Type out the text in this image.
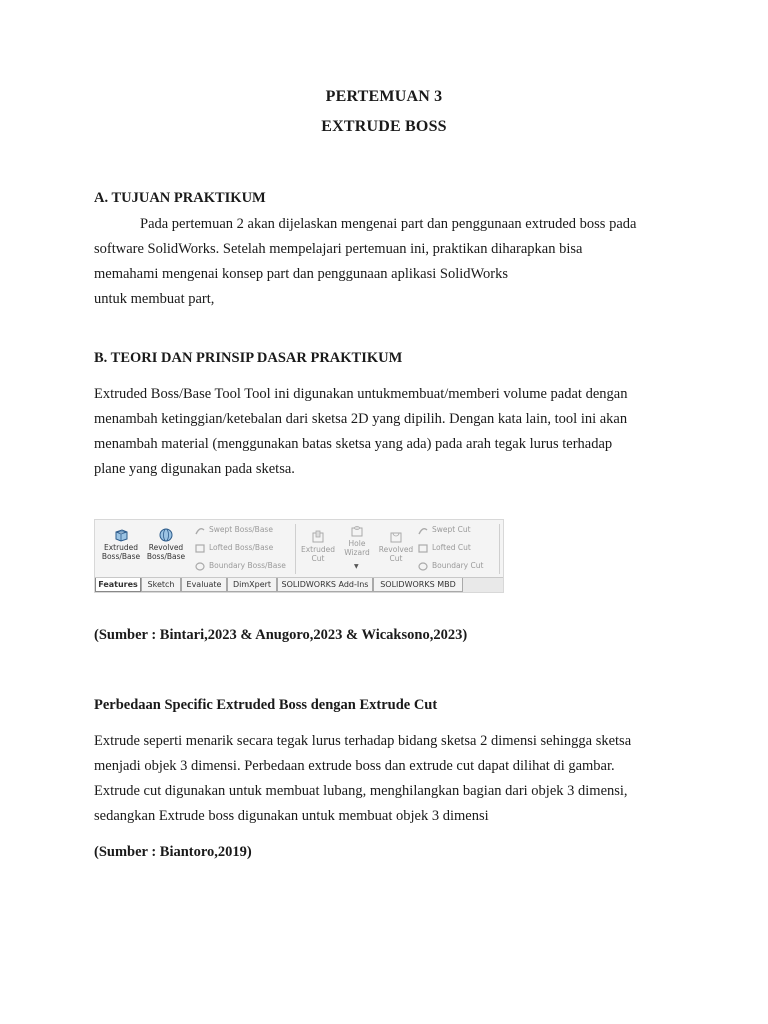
PERTEMUAN 3
EXTRUDE BOSS
A. TUJUAN PRAKTIKUM
Pada pertemuan 2 akan dijelaskan mengenai part dan penggunaan extruded boss pada
software SolidWorks. Setelah mempelajari pertemuan ini, praktikan diharapkan bisa
memahami mengenai konsep part dan penggunaan aplikasi SolidWorks
untuk membuat part,
B. TEORI DAN PRINSIP DASAR PRAKTIKUM
Extruded Boss/Base Tool Tool ini digunakan untukmembuat/memberi volume padat dengan
menambah ketinggian/ketebalan dari sketsa 2D yang dipilih. Dengan kata lain, tool ini akan
menambah material (menggunakan batas sketsa yang ada) pada arah tegak lurus terhadap
plane yang digunakan pada sketsa.
Extruded
Boss/Base
Revolved
Boss/Base
Swept Boss/Base
Lofted Boss/Base
Boundary Boss/Base
Extruded
Cut
Hole
Wizard
▼
Revolved
Cut
Swept Cut
Lofted Cut
Boundary Cut
Features	Sketch	Evaluate	DimXpert	SOLIDWORKS Add-Ins	SOLIDWORKS MBD
(Sumber : Bintari,2023 & Anugoro,2023 & Wicaksono,2023)
Perbedaan Specific Extruded Boss dengan Extrude Cut
Extrude seperti menarik secara tegak lurus terhadap bidang sketsa 2 dimensi sehingga sketsa
menjadi objek 3 dimensi. Perbedaan extrude boss dan extrude cut dapat dilihat di gambar.
Extrude cut digunakan untuk membuat lubang, menghilangkan bagian dari objek 3 dimensi,
sedangkan Extrude boss digunakan untuk membuat objek 3 dimensi
(Sumber : Biantoro,2019)
